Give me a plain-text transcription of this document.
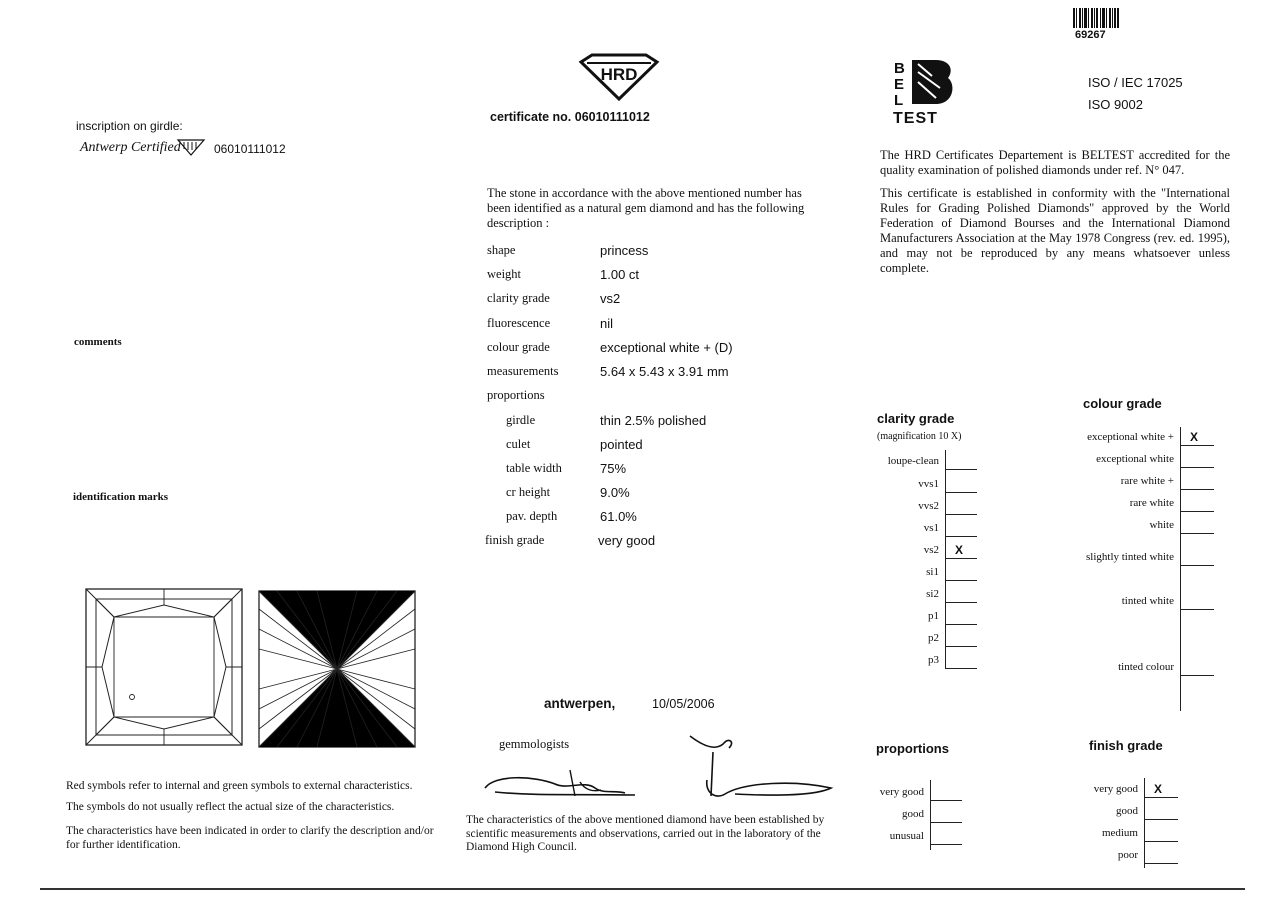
inscription on girdle:
Antwerp Certified	06010111012
comments
identification marks
Red symbols refer to internal and green symbols to external characteristics.
The symbols do not usually reflect the actual size of the characteristics.
The characteristics have been indicated in order to clarify the description and/or for further identification.
HRD
certificate no. 06010111012
The stone in accordance with the above mentioned number has been identified as a natural gem diamond and has the following description :
shape	princess
weight	1.00 ct
clarity grade	vs2
fluorescence	nil
colour grade	exceptional white + (D)
measurements	5.64 x 5.43 x 3.91 mm
proportions
girdle	thin 2.5% polished
culet	pointed
table width	75%
cr height	9.0%
pav. depth	61.0%
finish grade	very good
antwerpen,	10/05/2006
gemmologists
The characteristics of the above mentioned diamond have been established by scientific measurements and observations, carried out in the laboratory of the Diamond High Council.
69267
B
E
L
TEST
ISO / IEC 17025
ISO 9002
The HRD Certificates Departement is BELTEST accredited for the quality examination of polished diamonds under ref. N° 047.
This certificate is established in conformity with the "International Rules for Grading Polished Diamonds" approved by the World Federation of Diamond Bourses and the International Diamond Manufacturers Association at the May 1978 Congress (rev. ed. 1995), and may not be reproduced by any means whatsoever unless complete.
clarity grade
(magnification 10 X)
loupe-clean
vvs1
vvs2
vs1
vs2 X
si1
si2
p1
p2
p3
colour grade
exceptional white + X
exceptional white
rare white +
rare white
white
slightly tinted white
tinted white
tinted colour
proportions
very good
good
unusual
finish grade
very good X
good
medium
poor
